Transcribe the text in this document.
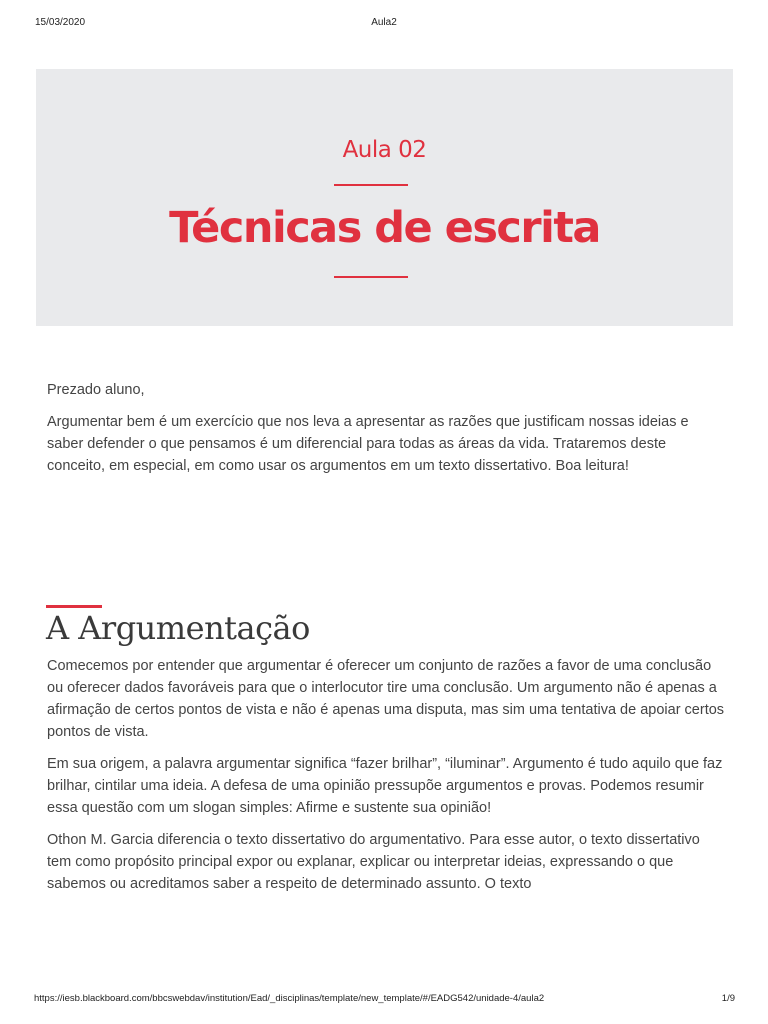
15/03/2020	Aula2
Aula 02
Técnicas de escrita

Prezado aluno,

Argumentar bem é um exercício que nos leva a apresentar as razões que justificam nossas ideias e saber defender o que pensamos é um diferencial para todas as áreas da vida. Trataremos deste conceito, em especial, em como usar os argumentos em um texto dissertativo. Boa leitura!

A Argumentação

Comecemos por entender que argumentar é oferecer um conjunto de razões a favor de uma conclusão ou oferecer dados favoráveis para que o interlocutor tire uma conclusão. Um argumento não é apenas a afirmação de certos pontos de vista e não é apenas uma disputa, mas sim uma tentativa de apoiar certos pontos de vista.

Em sua origem, a palavra argumentar significa “fazer brilhar”, “iluminar”. Argumento é tudo aquilo que faz brilhar, cintilar uma ideia. A defesa de uma opinião pressupõe argumentos e provas. Podemos resumir essa questão com um slogan simples: Afirme e sustente sua opinião!

Othon M. Garcia diferencia o texto dissertativo do argumentativo. Para esse autor, o texto dissertativo tem como propósito principal expor ou explanar, explicar ou interpretar ideias, expressando o que sabemos ou acreditamos saber a respeito de determinado assunto. O texto

https://iesb.blackboard.com/bbcswebdav/institution/Ead/_disciplinas/template/new_template/#/EADG542/unidade-4/aula2	1/9
